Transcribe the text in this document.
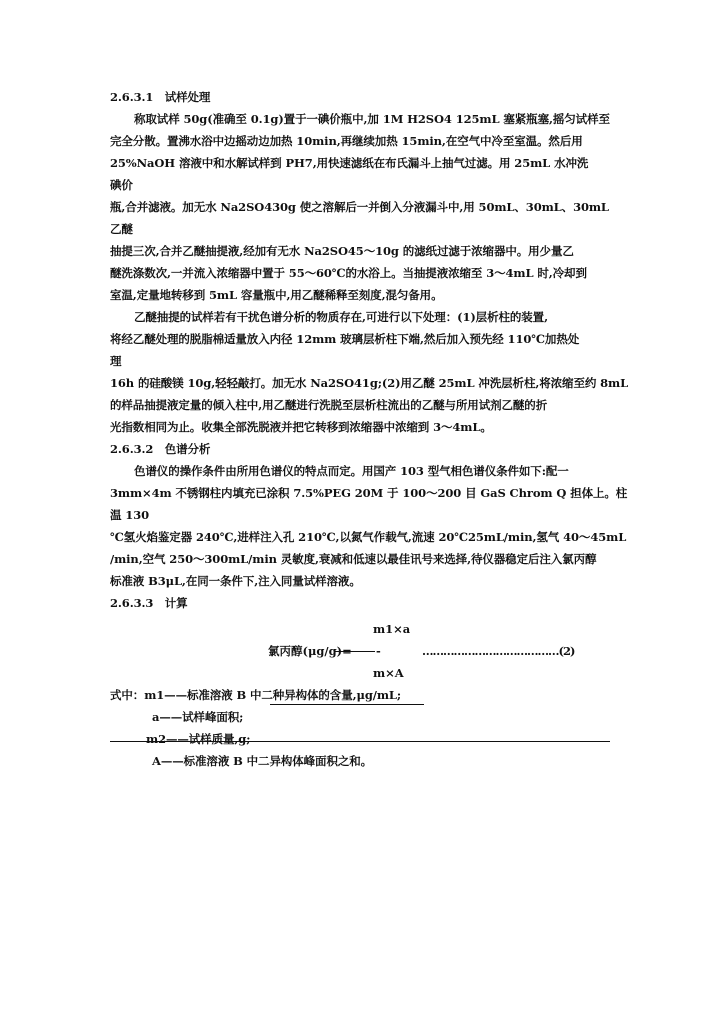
2.6.3.1　试样处理

称取试样 50g(准确至 0.1g)置于一碘价瓶中,加 1M H2SO4 125mL 塞紧瓶塞,摇匀试样至

完全分散。置沸水浴中边摇动边加热 10min,再继续加热 15min,在空气中冷至室温。然后用

25%NaOH 溶液中和水解试样到 PH7,用快速滤纸在布氏漏斗上抽气过滤。用 25mL 水冲洗

碘价

瓶,合并滤液。加无水 Na2SO430g 使之溶解后一并倒入分液漏斗中,用 50mL、30mL、30mL

乙醚

抽提三次,合并乙醚抽提液,经加有无水 Na2SO45～10g 的滤纸过滤于浓缩器中。用少量乙

醚洗涤数次,一并流入浓缩器中置于 55～60℃的水浴上。当抽提液浓缩至 3～4mL 时,冷却到

室温,定量地转移到 5mL 容量瓶中,用乙醚稀释至刻度,混匀备用。

乙醚抽提的试样若有干扰色谱分析的物质存在,可进行以下处理：(1)层析柱的装置,

将经乙醚处理的脱脂棉适量放入内径 12mm 玻璃层析柱下端,然后加入预先经 110℃加热处

理

16h 的硅酸镁 10g,轻轻敲打。加无水 Na2SO41g;(2)用乙醚 25mL 冲洗层析柱,将浓缩至约 8mL

的样品抽提液定量的倾入柱中,用乙醚进行洗脱至层析柱流出的乙醚与所用试剂乙醚的折

光指数相同为止。收集全部洗脱液并把它转移到浓缩器中浓缩到 3～4mL。

2.6.3.2　色谱分析

色谱仪的操作条件由所用色谱仪的特点而定。用国产 103 型气相色谱仪条件如下:配一

3mm×4m 不锈钢柱内填充已涂积 7.5%PEG 20M 于 100～200 目 GaS Chrom Q 担体上。柱

温 130

℃氢火焰鉴定器 240℃,进样注入孔 210℃,以氮气作载气,流速 20℃25mL/min,氢气 40～45mL

/min,空气 250～300mL/min 灵敏度,衰减和低速以最佳讯号来选择,待仪器稳定后注入氯丙醇

标准液 B3μL,在同一条件下,注入同量试样溶液。

2.6.3.3　计算

m1×a
氯丙醇(μg/g)= -	…………………………………(2)
m×A

式中：m1——标准溶液 B 中二种异构体的含量,μg/mL;

a——试样峰面积;

m2——试样质量,g;

A——标准溶液 B 中二异构体峰面积之和。
